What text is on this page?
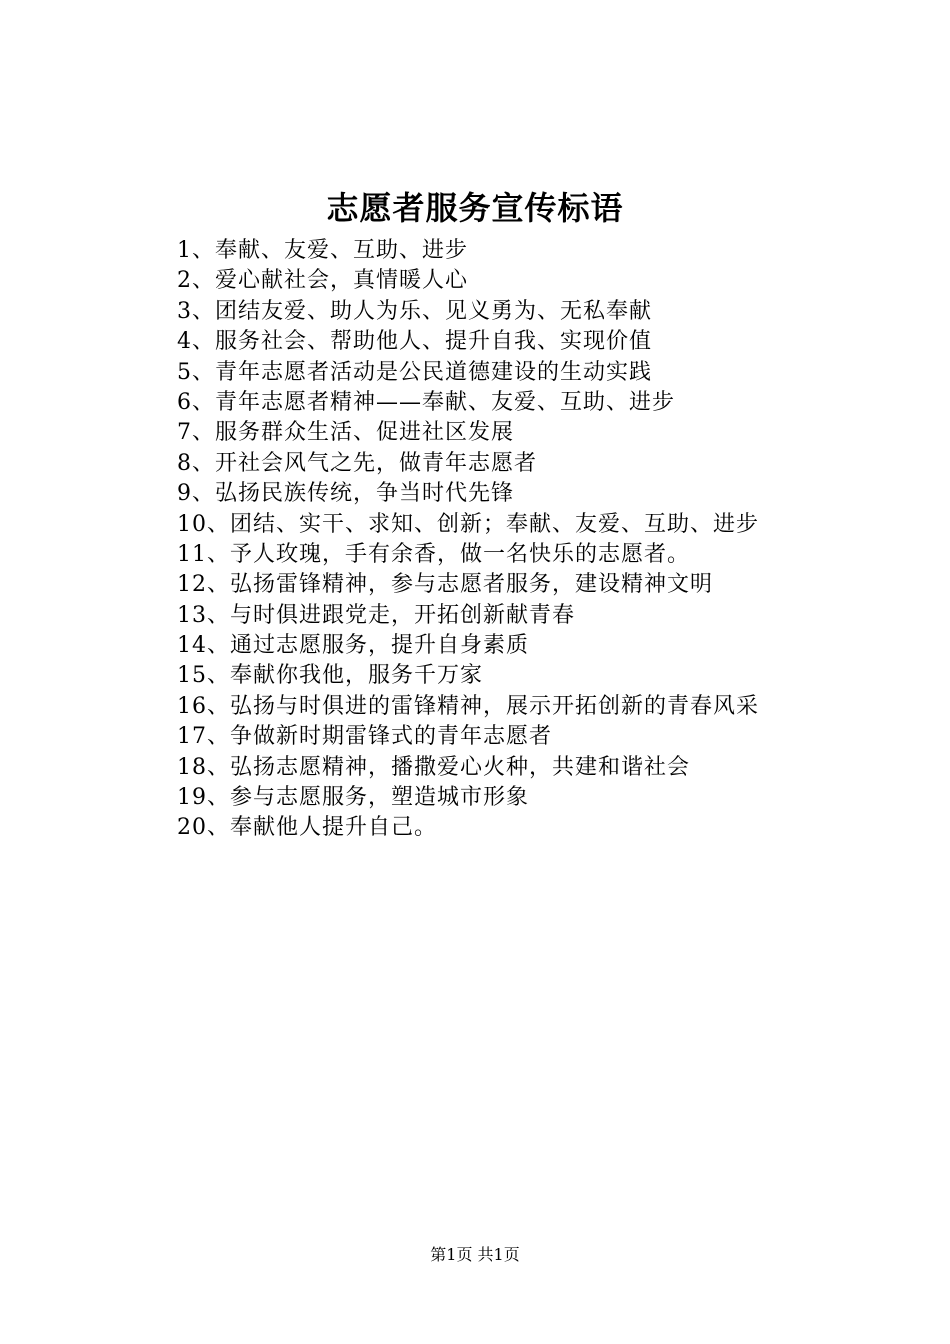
志愿者服务宣传标语
1、奉献、友爱、互助、进步
2、爱心献社会，真情暖人心
3、团结友爱、助人为乐、见义勇为、无私奉献
4、服务社会、帮助他人、提升自我、实现价值
5、青年志愿者活动是公民道德建设的生动实践
6、青年志愿者精神——奉献、友爱、互助、进步
7、服务群众生活、促进社区发展
8、开社会风气之先，做青年志愿者
9、弘扬民族传统，争当时代先锋
10、团结、实干、求知、创新；奉献、友爱、互助、进步
11、予人玫瑰，手有余香，做一名快乐的志愿者。
12、弘扬雷锋精神，参与志愿者服务，建设精神文明
13、与时俱进跟党走，开拓创新献青春
14、通过志愿服务，提升自身素质
15、奉献你我他，服务千万家
16、弘扬与时俱进的雷锋精神，展示开拓创新的青春风采
17、争做新时期雷锋式的青年志愿者
18、弘扬志愿精神，播撒爱心火种，共建和谐社会
19、参与志愿服务，塑造城市形象
20、奉献他人提升自己。
第1页 共1页
